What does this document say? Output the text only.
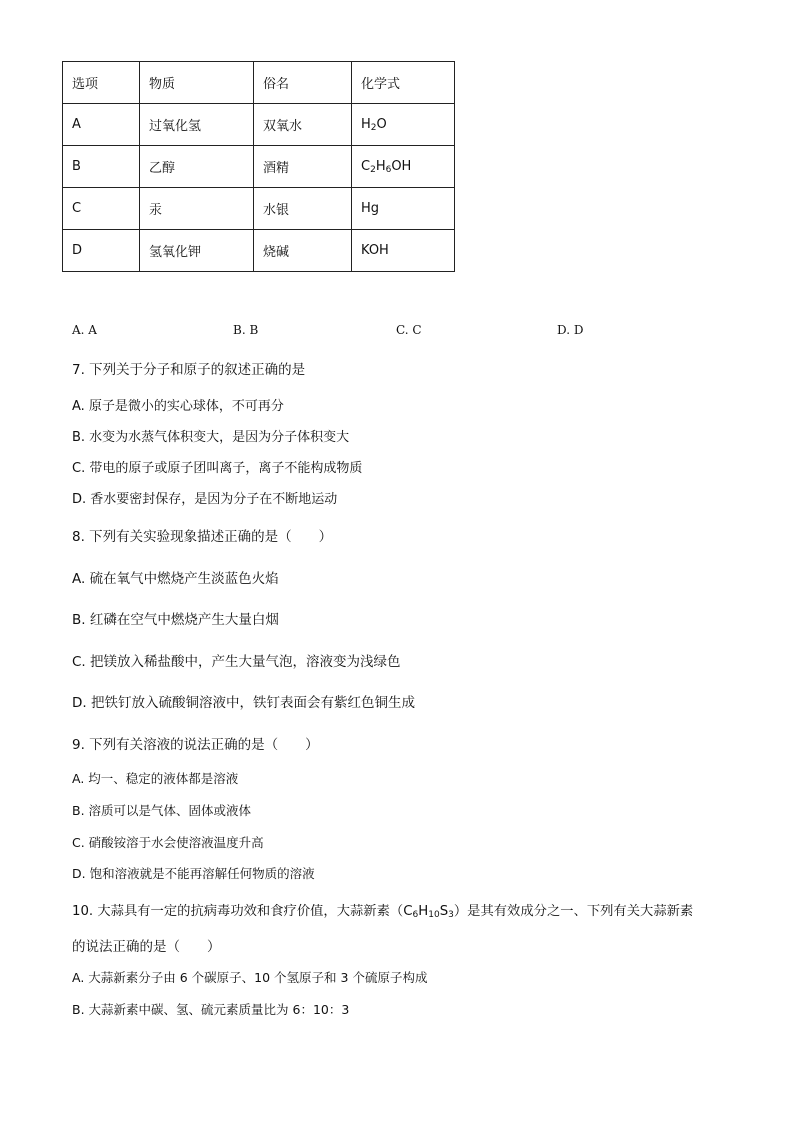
选项	物质	俗名	化学式
A	过氧化氢	双氧水	$H_2O$
B	乙醇	酒精	$C_2H_6OH$
C	汞	水银	Hg
D	氢氧化钾	烧碱	KOH
A. A	B. B	C. C	D. D
7. 下列关于分子和原子的叙述正确的是
A. 原子是微小的实心球体，不可再分
B. 水变为水蒸气体积变大，是因为分子体积变大
C. 带电的原子或原子团叫离子，离子不能构成物质
D. 香水要密封保存，是因为分子在不断地运动
8. 下列有关实验现象描述正确的是（　　）
A. 硫在氧气中燃烧产生淡蓝色火焰
B. 红磷在空气中燃烧产生大量白烟
C. 把镁放入稀盐酸中，产生大量气泡，溶液变为浅绿色
D. 把铁钉放入硫酸铜溶液中，铁钉表面会有紫红色铜生成
9. 下列有关溶液的说法正确的是（　　）
A. 均一、稳定的液体都是溶液
B. 溶质可以是气体、固体或液体
C. 硝酸铵溶于水会使溶液温度升高
D. 饱和溶液就是不能再溶解任何物质的溶液
10. 大蒜具有一定的抗病毒功效和食疗价值，大蒜新素$(C_6H_{10}S_3)$是其有效成分之一、下列有关大蒜新素
的说法正确的是（　　）
A. 大蒜新素分子由 6 个碳原子、10 个氢原子和 3 个硫原子构成
B. 大蒜新素中碳、氢、硫元素质量比为 6：10：3
